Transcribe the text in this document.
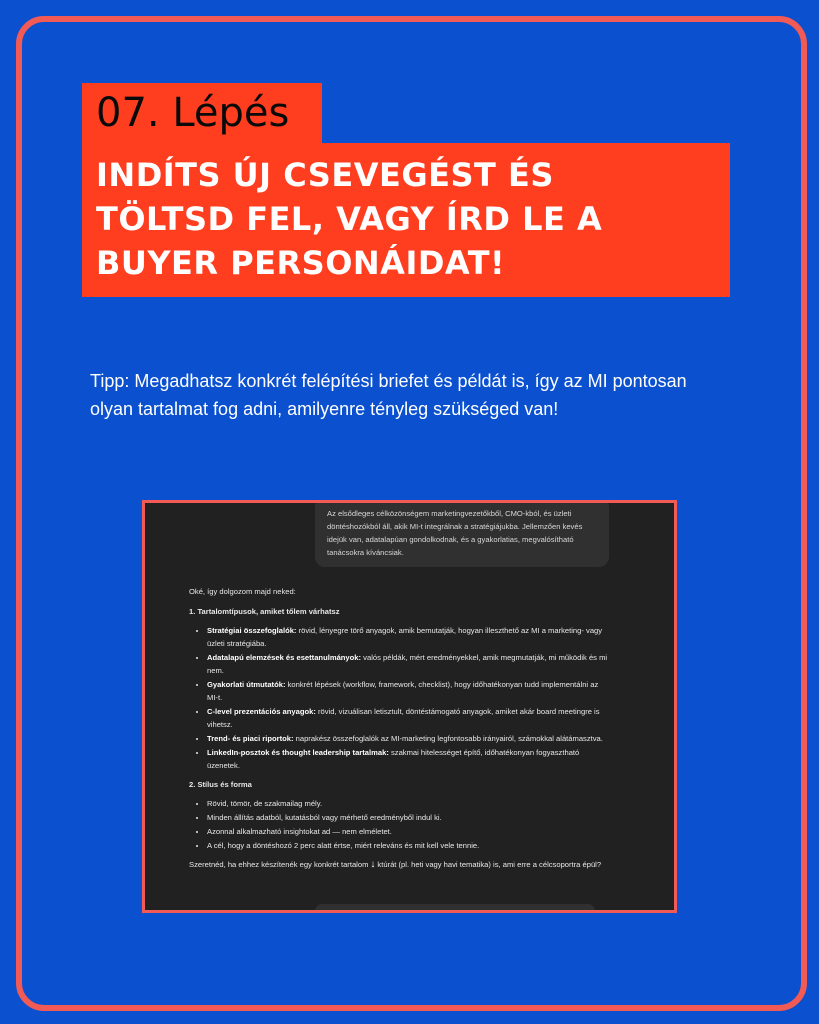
07. Lépés
INDÍTS ÚJ CSEVEGÉST ÉS
TÖLTSD FEL, VAGY ÍRD LE A
BUYER PERSONÁIDAT!
Tipp: Megadhatsz konkrét felépítési briefet és példát is, így az MI pontosan olyan tartalmat fog adni, amilyenre tényleg szükséged van!
Az elsődleges célközönségem marketingvezetőkből, CMO-kból, és üzleti döntéshozókból áll, akik MI-t integrálnak a stratégiájukba. Jellemzően kevés idejük van, adatalapúan gondolkodnak, és a gyakorlatias, megvalósítható tanácsokra kíváncsiak.

Oké, így dolgozom majd neked:

1. Tartalomtípusok, amiket tőlem várhatsz
• Stratégiai összefoglalók: rövid, lényegre törő anyagok, amik bemutatják, hogyan illeszthető az MI a marketing- vagy üzleti stratégiába.
• Adatalapú elemzések és esettanulmányok: valós példák, mért eredményekkel, amik megmutatják, mi működik és mi nem.
• Gyakorlati útmutatók: konkrét lépések (workflow, framework, checklist), hogy időhatékonyan tudd implementálni az MI-t.
• C-level prezentációs anyagok: rövid, vizuálisan letisztult, döntéstámogató anyagok, amiket akár board meetingre is vihetsz.
• Trend- és piaci riportok: naprakész összefoglalók az MI-marketing legfontosabb irányairól, számokkal alátámasztva.
• LinkedIn-posztok és thought leadership tartalmak: szakmai hitelességet építő, időhatékonyan fogyasztható üzenetek.
2. Stílus és forma
• Rövid, tömör, de szakmailag mély.
• Minden állítás adatból, kutatásból vagy mérhető eredményből indul ki.
• Azonnal alkalmazható insightokat ad — nem elméletet.
• A cél, hogy a döntéshozó 2 perc alatt értse, miért releváns és mit kell vele tennie.

Szeretnéd, ha ehhez készítenék egy konkrét tartalom ↓ ktúrát (pl. heti vagy havi tematika) is, ami erre a célcsoportra épül?
